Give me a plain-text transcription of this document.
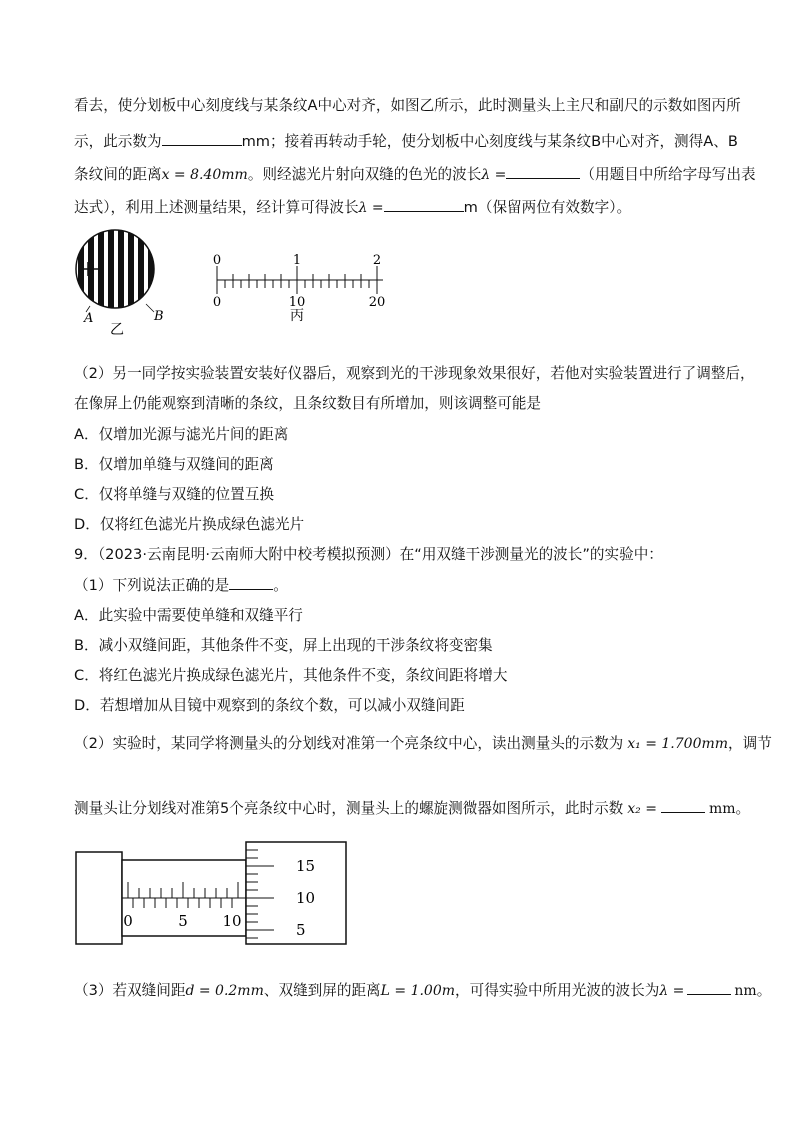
看去，使分划板中心刻度线与某条纹A中心对齐，如图乙所示，此时测量头上主尺和副尺的示数如图丙所
示，此示数为	mm；接着再转动手轮，使分划板中心刻度线与某条纹B中心对齐，测得A、B
条纹间的距离x = 8.40mm。则经滤光片射向双缝的色光的波长λ =	（用题目中所给字母写出表
达式），利用上述测量结果，经计算可得波长λ =	m（保留两位有效数字）。
A	B
乙
0	1	2
0	10	20
丙
（2）另一同学按实验装置安装好仪器后，观察到光的干涉现象效果很好，若他对实验装置进行了调整后，
在像屏上仍能观察到清晰的条纹，且条纹数目有所增加，则该调整可能是
A．仅增加光源与滤光片间的距离
B．仅增加单缝与双缝间的距离
C．仅将单缝与双缝的位置互换
D．仅将红色滤光片换成绿色滤光片
9．（2023·云南昆明·云南师大附中校考模拟预测）在“用双缝干涉测量光的波长”的实验中：
（1）下列说法正确的是	。
A．此实验中需要使单缝和双缝平行
B．减小双缝间距，其他条件不变，屏上出现的干涉条纹将变密集
C．将红色滤光片换成绿色滤光片，其他条件不变，条纹间距将增大
D．若想增加从目镜中观察到的条纹个数，可以减小双缝间距
（2）实验时，某同学将测量头的分划线对准第一个亮条纹中心，读出测量头的示数为 x₁ = 1.700mm，调节
测量头让分划线对准第5个亮条纹中心时，测量头上的螺旋测微器如图所示，此时示数 x₂ =	mm。
0	5 10
15
10
5
（3）若双缝间距d = 0.2mm、双缝到屏的距离L = 1.00m，可得实验中所用光波的波长为λ =	nm。
